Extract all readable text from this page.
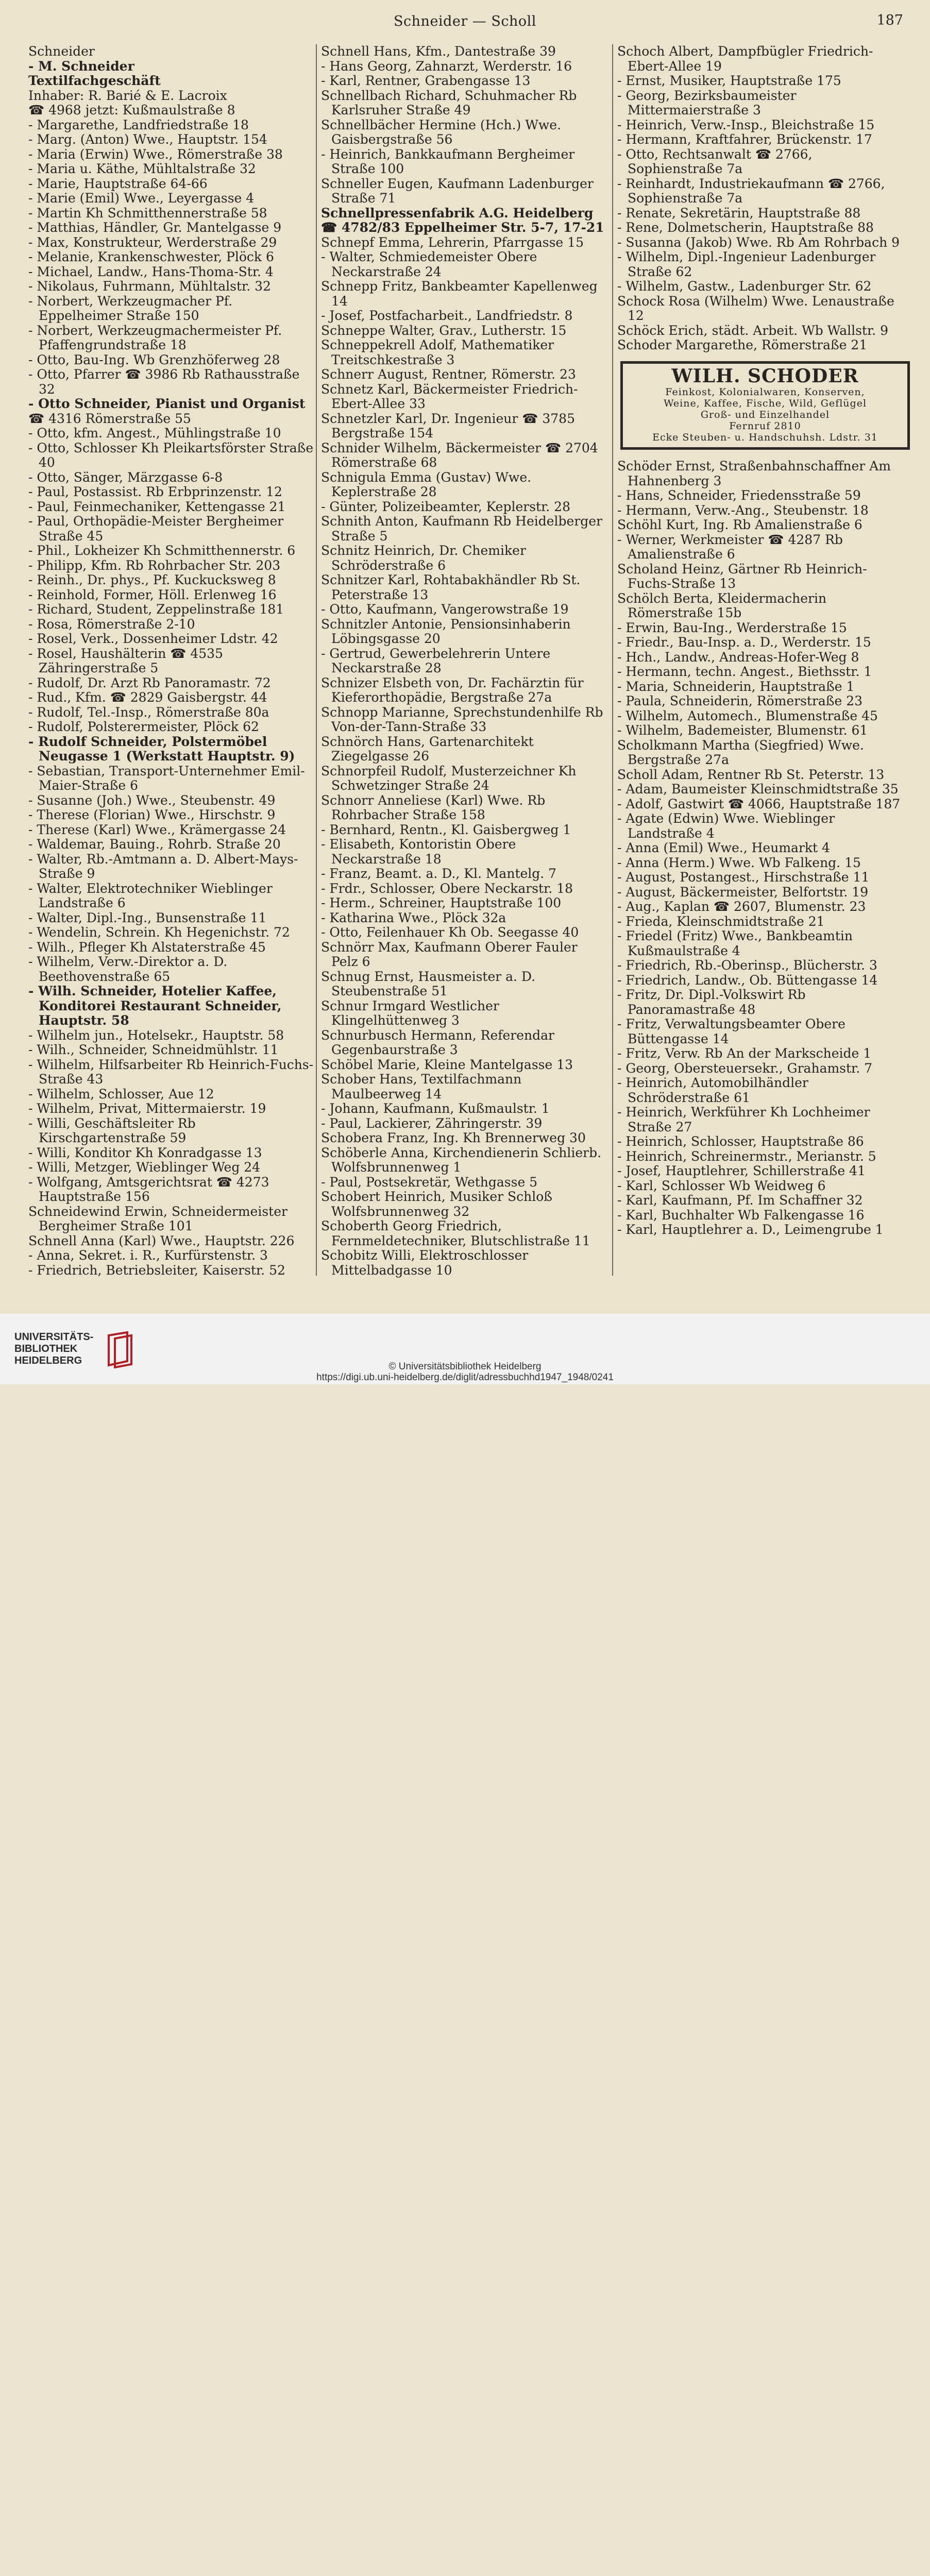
Schneider — Scholl	187

Schneider

- M. Schneider

Textilfachgeschäft

Inhaber: R. Barié & E. Lacroix

☎ 4968 jetzt: Kußmaulstraße 8

- Margarethe, Landfriedstraße 18

- Marg. (Anton) Wwe., Hauptstr. 154

- Maria (Erwin) Wwe., Römerstraße 38

- Maria u. Käthe, Mühltalstraße 32

- Marie, Hauptstraße 64-66

- Marie (Emil) Wwe., Leyergasse 4

- Martin Kh Schmitthennerstraße 58

- Matthias, Händler, Gr. Mantelgasse 9

- Max, Konstrukteur, Werderstraße 29

- Melanie, Krankenschwester, Plöck 6

- Michael, Landw., Hans-Thoma-Str. 4

- Nikolaus, Fuhrmann, Mühltalstr. 32

- Norbert, Werkzeugmacher Pf. Eppelheimer Straße 150

- Norbert, Werkzeugmachermeister Pf. Pfaffengrundstraße 18

- Otto, Bau-Ing. Wb Grenzhöferweg 28

- Otto, Pfarrer ☎ 3986 Rb Rathausstraße 32

- Otto Schneider, Pianist und Organist

☎ 4316 Römerstraße 55

- Otto, kfm. Angest., Mühlingstraße 10

- Otto, Schlosser Kh Pleikartsförster Straße 40

- Otto, Sänger, Märzgasse 6-8

- Paul, Postassist. Rb Erbprinzenstr. 12

- Paul, Feinmechaniker, Kettengasse 21

- Paul, Orthopädie-Meister Bergheimer Straße 45

- Phil., Lokheizer Kh Schmitthennerstr. 6

- Philipp, Kfm. Rb Rohrbacher Str. 203

- Reinh., Dr. phys., Pf. Kuckucksweg 8

- Reinhold, Former, Höll. Erlenweg 16

- Richard, Student, Zeppelinstraße 181

- Rosa, Römerstraße 2-10

- Rosel, Verk., Dossenheimer Ldstr. 42

- Rosel, Haushälterin ☎ 4535 Zähringerstraße 5

- Rudolf, Dr. Arzt Rb Panoramastr. 72

- Rud., Kfm. ☎ 2829 Gaisbergstr. 44

- Rudolf, Tel.-Insp., Römerstraße 80a

- Rudolf, Polsterermeister, Plöck 62

- Rudolf Schneider, Polstermöbel Neugasse 1 (Werkstatt Hauptstr. 9)

- Sebastian, Transport-Unternehmer Emil-Maier-Straße 6

- Susanne (Joh.) Wwe., Steubenstr. 49

- Therese (Florian) Wwe., Hirschstr. 9

- Therese (Karl) Wwe., Krämergasse 24

- Waldemar, Bauing., Rohrb. Straße 20

- Walter, Rb.-Amtmann a. D. Albert-Mays-Straße 9

- Walter, Elektrotechniker Wieblinger Landstraße 6

- Walter, Dipl.-Ing., Bunsenstraße 11

- Wendelin, Schrein. Kh Hegenichstr. 72

- Wilh., Pfleger Kh Alstaterstraße 45

- Wilhelm, Verw.-Direktor a. D. Beethovenstraße 65

- Wilh. Schneider, Hotelier Kaffee, Konditorei Restaurant Schneider, Hauptstr. 58

- Wilhelm jun., Hotelsekr., Hauptstr. 58

- Wilh., Schneider, Schneidmühlstr. 11

- Wilhelm, Hilfsarbeiter Rb Heinrich-Fuchs-Straße 43

- Wilhelm, Schlosser, Aue 12

- Wilhelm, Privat, Mittermaierstr. 19

- Willi, Geschäftsleiter Rb Kirschgartenstraße 59

- Willi, Konditor Kh Konradgasse 13

- Willi, Metzger, Wieblinger Weg 24

- Wolfgang, Amtsgerichtsrat ☎ 4273 Hauptstraße 156

Schneidewind Erwin, Schneidermeister Bergheimer Straße 101

Schnell Anna (Karl) Wwe., Hauptstr. 226

- Anna, Sekret. i. R., Kurfürstenstr. 3

- Friedrich, Betriebsleiter, Kaiserstr. 52

Schnell Hans, Kfm., Dantestraße 39

- Hans Georg, Zahnarzt, Werderstr. 16

- Karl, Rentner, Grabengasse 13

Schnellbach Richard, Schuhmacher Rb Karlsruher Straße 49

Schnellbächer Hermine (Hch.) Wwe. Gaisbergstraße 56

- Heinrich, Bankkaufmann Bergheimer Straße 100

Schneller Eugen, Kaufmann Ladenburger Straße 71

Schnellpressenfabrik A.G. Heidelberg

☎ 4782/83 Eppelheimer Str. 5-7, 17-21

Schnepf Emma, Lehrerin, Pfarrgasse 15

- Walter, Schmiedemeister Obere Neckarstraße 24

Schnepp Fritz, Bankbeamter Kapellenweg 14

- Josef, Postfacharbeit., Landfriedstr. 8

Schneppe Walter, Grav., Lutherstr. 15

Schneppekrell Adolf, Mathematiker Treitschkestraße 3

Schnerr August, Rentner, Römerstr. 23

Schnetz Karl, Bäckermeister Friedrich-Ebert-Allee 33

Schnetzler Karl, Dr. Ingenieur ☎ 3785 Bergstraße 154

Schnider Wilhelm, Bäckermeister ☎ 2704 Römerstraße 68

Schnigula Emma (Gustav) Wwe. Keplerstraße 28

- Günter, Polizeibeamter, Keplerstr. 28

Schnith Anton, Kaufmann Rb Heidelberger Straße 5

Schnitz Heinrich, Dr. Chemiker Schröderstraße 6

Schnitzer Karl, Rohtabakhändler Rb St. Peterstraße 13

- Otto, Kaufmann, Vangerowstraße 19

Schnitzler Antonie, Pensionsinhaberin Löbingsgasse 20

- Gertrud, Gewerbelehrerin Untere Neckarstraße 28

Schnizer Elsbeth von, Dr. Fachärztin für Kieferorthopädie, Bergstraße 27a

Schnopp Marianne, Sprechstundenhilfe Rb Von-der-Tann-Straße 33

Schnörch Hans, Gartenarchitekt Ziegelgasse 26

Schnorpfeil Rudolf, Musterzeichner Kh Schwetzinger Straße 24

Schnorr Anneliese (Karl) Wwe. Rb Rohrbacher Straße 158

- Bernhard, Rentn., Kl. Gaisbergweg 1

- Elisabeth, Kontoristin Obere Neckarstraße 18

- Franz, Beamt. a. D., Kl. Mantelg. 7

- Frdr., Schlosser, Obere Neckarstr. 18

- Herm., Schreiner, Hauptstraße 100

- Katharina Wwe., Plöck 32a

- Otto, Feilenhauer Kh Ob. Seegasse 40

Schnörr Max, Kaufmann Oberer Fauler Pelz 6

Schnug Ernst, Hausmeister a. D. Steubenstraße 51

Schnur Irmgard Westlicher Klingelhüttenweg 3

Schnurbusch Hermann, Referendar Gegenbaurstraße 3

Schöbel Marie, Kleine Mantelgasse 13

Schober Hans, Textilfachmann Maulbeerweg 14

- Johann, Kaufmann, Kußmaulstr. 1

- Paul, Lackierer, Zähringerstr. 39

Schobera Franz, Ing. Kh Brennerweg 30

Schöberle Anna, Kirchendienerin Schlierb. Wolfsbrunnenweg 1

- Paul, Postsekretär, Wethgasse 5

Schobert Heinrich, Musiker Schloß Wolfsbrunnenweg 32

Schoberth Georg Friedrich, Fernmeldetechniker, Blutschlistraße 11

Schobitz Willi, Elektroschlosser Mittelbadgasse 10

Schoch Albert, Dampfbügler Friedrich-Ebert-Allee 19

- Ernst, Musiker, Hauptstraße 175

- Georg, Bezirksbaumeister Mittermaierstraße 3

- Heinrich, Verw.-Insp., Bleichstraße 15

- Hermann, Kraftfahrer, Brückenstr. 17

- Otto, Rechtsanwalt ☎ 2766, Sophienstraße 7a

- Reinhardt, Industriekaufmann ☎ 2766, Sophienstraße 7a

- Renate, Sekretärin, Hauptstraße 88

- Rene, Dolmetscherin, Hauptstraße 88

- Susanna (Jakob) Wwe. Rb Am Rohrbach 9

- Wilhelm, Dipl.-Ingenieur Ladenburger Straße 62

- Wilhelm, Gastw., Ladenburger Str. 62

Schock Rosa (Wilhelm) Wwe. Lenaustraße 12

Schöck Erich, städt. Arbeit. Wb Wallstr. 9

Schoder Margarethe, Römerstraße 21

WILH. SCHODER
Feinkost, Kolonialwaren, Konserven,
Weine, Kaffee, Fische, Wild, Geflügel
Groß- und Einzelhandel
Fernruf 2810
Ecke Steuben- u. Handschuhsh. Ldstr. 31

Schöder Ernst, Straßenbahnschaffner Am Hahnenberg 3

- Hans, Schneider, Friedensstraße 59

- Hermann, Verw.-Ang., Steubenstr. 18

Schöhl Kurt, Ing. Rb Amalienstraße 6

- Werner, Werkmeister ☎ 4287 Rb Amalienstraße 6

Scholand Heinz, Gärtner Rb Heinrich-Fuchs-Straße 13

Schölch Berta, Kleidermacherin Römerstraße 15b

- Erwin, Bau-Ing., Werderstraße 15

- Friedr., Bau-Insp. a. D., Werderstr. 15

- Hch., Landw., Andreas-Hofer-Weg 8

- Hermann, techn. Angest., Biethsstr. 1

- Maria, Schneiderin, Hauptstraße 1

- Paula, Schneiderin, Römerstraße 23

- Wilhelm, Automech., Blumenstraße 45

- Wilhelm, Bademeister, Blumenstr. 61

Scholkmann Martha (Siegfried) Wwe. Bergstraße 27a

Scholl Adam, Rentner Rb St. Peterstr. 13

- Adam, Baumeister Kleinschmidtstraße 35

- Adolf, Gastwirt ☎ 4066, Hauptstraße 187

- Agate (Edwin) Wwe. Wieblinger Landstraße 4

- Anna (Emil) Wwe., Heumarkt 4

- Anna (Herm.) Wwe. Wb Falkeng. 15

- August, Postangest., Hirschstraße 11

- August, Bäckermeister, Belfortstr. 19

- Aug., Kaplan ☎ 2607, Blumenstr. 23

- Frieda, Kleinschmidtstraße 21

- Friedel (Fritz) Wwe., Bankbeamtin Kußmaulstraße 4

- Friedrich, Rb.-Oberinsp., Blücherstr. 3

- Friedrich, Landw., Ob. Büttengasse 14

- Fritz, Dr. Dipl.-Volkswirt Rb Panoramastraße 48

- Fritz, Verwaltungsbeamter Obere Büttengasse 14

- Fritz, Verw. Rb An der Markscheide 1

- Georg, Obersteuersekr., Grahamstr. 7

- Heinrich, Automobilhändler Schröderstraße 61

- Heinrich, Werkführer Kh Lochheimer Straße 27

- Heinrich, Schlosser, Hauptstraße 86

- Heinrich, Schreinermstr., Merianstr. 5

- Josef, Hauptlehrer, Schillerstraße 41

- Karl, Schlosser Wb Weidweg 6

- Karl, Kaufmann, Pf. Im Schaffner 32

- Karl, Buchhalter Wb Falkengasse 16

- Karl, Hauptlehrer a. D., Leimengrube 1

UNIVERSITÄTS-
BIBLIOTHEK
HEIDELBERG
© Universitätsbibliothek Heidelberg
https://digi.ub.uni-heidelberg.de/diglit/adressbuchhd1947_1948/0241
